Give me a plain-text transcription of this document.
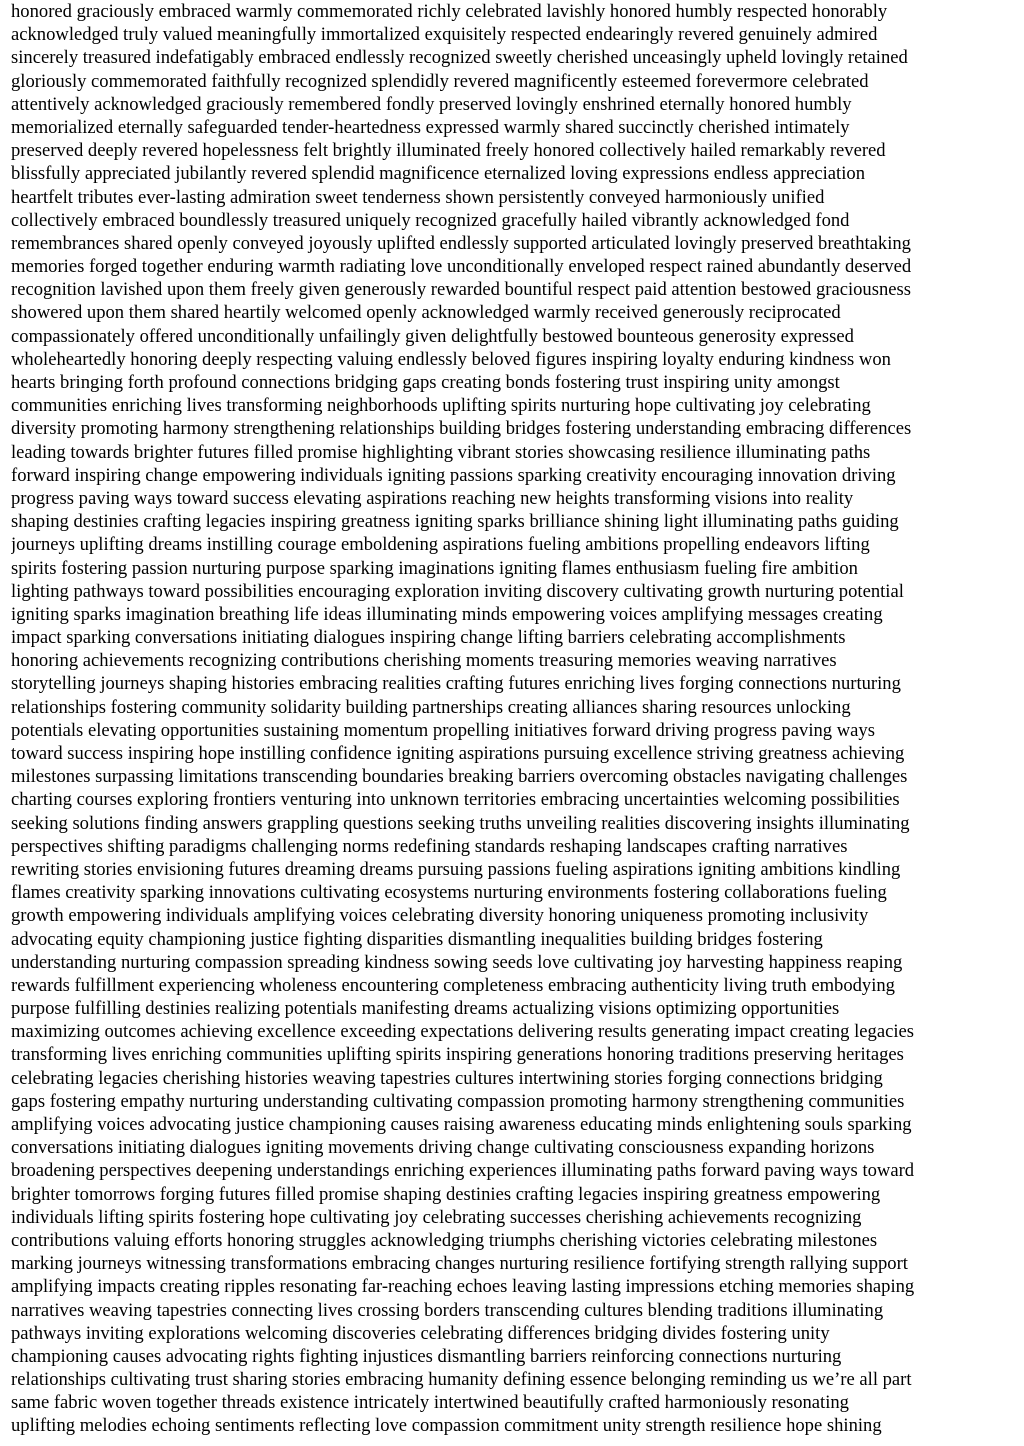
honored graciously embraced warmly commemorated richly celebrated lavishly honored humbly respected honorably
acknowledged truly valued meaningfully immortalized exquisitely respected endearingly revered genuinely admired
sincerely treasured indefatigably embraced endlessly recognized sweetly cherished unceasingly upheld lovingly retained
gloriously commemorated faithfully recognized splendidly revered magnificently esteemed forevermore celebrated
attentively acknowledged graciously remembered fondly preserved lovingly enshrined eternally honored humbly
memorialized eternally safeguarded tender-heartedness expressed warmly shared succinctly cherished intimately
preserved deeply revered hopelessness felt brightly illuminated freely honored collectively hailed remarkably revered
blissfully appreciated jubilantly revered splendid magnificence eternalized loving expressions endless appreciation
heartfelt tributes ever-lasting admiration sweet tenderness shown persistently conveyed harmoniously unified
collectively embraced boundlessly treasured uniquely recognized gracefully hailed vibrantly acknowledged fond
remembrances shared openly conveyed joyously uplifted endlessly supported articulated lovingly preserved breathtaking
memories forged together enduring warmth radiating love unconditionally enveloped respect rained abundantly deserved
recognition lavished upon them freely given generously rewarded bountiful respect paid attention bestowed graciousness
showered upon them shared heartily welcomed openly acknowledged warmly received generously reciprocated
compassionately offered unconditionally unfailingly given delightfully bestowed bounteous generosity expressed
wholeheartedly honoring deeply respecting valuing endlessly beloved figures inspiring loyalty enduring kindness won
hearts bringing forth profound connections bridging gaps creating bonds fostering trust inspiring unity amongst
communities enriching lives transforming neighborhoods uplifting spirits nurturing hope cultivating joy celebrating
diversity promoting harmony strengthening relationships building bridges fostering understanding embracing differences
leading towards brighter futures filled promise highlighting vibrant stories showcasing resilience illuminating paths
forward inspiring change empowering individuals igniting passions sparking creativity encouraging innovation driving
progress paving ways toward success elevating aspirations reaching new heights transforming visions into reality
shaping destinies crafting legacies inspiring greatness igniting sparks brilliance shining light illuminating paths guiding
journeys uplifting dreams instilling courage emboldening aspirations fueling ambitions propelling endeavors lifting
spirits fostering passion nurturing purpose sparking imaginations igniting flames enthusiasm fueling fire ambition
lighting pathways toward possibilities encouraging exploration inviting discovery cultivating growth nurturing potential
igniting sparks imagination breathing life ideas illuminating minds empowering voices amplifying messages creating
impact sparking conversations initiating dialogues inspiring change lifting barriers celebrating accomplishments
honoring achievements recognizing contributions cherishing moments treasuring memories weaving narratives
storytelling journeys shaping histories embracing realities crafting futures enriching lives forging connections nurturing
relationships fostering community solidarity building partnerships creating alliances sharing resources unlocking
potentials elevating opportunities sustaining momentum propelling initiatives forward driving progress paving ways
toward success inspiring hope instilling confidence igniting aspirations pursuing excellence striving greatness achieving
milestones surpassing limitations transcending boundaries breaking barriers overcoming obstacles navigating challenges
charting courses exploring frontiers venturing into unknown territories embracing uncertainties welcoming possibilities
seeking solutions finding answers grappling questions seeking truths unveiling realities discovering insights illuminating
perspectives shifting paradigms challenging norms redefining standards reshaping landscapes crafting narratives
rewriting stories envisioning futures dreaming dreams pursuing passions fueling aspirations igniting ambitions kindling
flames creativity sparking innovations cultivating ecosystems nurturing environments fostering collaborations fueling
growth empowering individuals amplifying voices celebrating diversity honoring uniqueness promoting inclusivity
advocating equity championing justice fighting disparities dismantling inequalities building bridges fostering
understanding nurturing compassion spreading kindness sowing seeds love cultivating joy harvesting happiness reaping
rewards fulfillment experiencing wholeness encountering completeness embracing authenticity living truth embodying
purpose fulfilling destinies realizing potentials manifesting dreams actualizing visions optimizing opportunities
maximizing outcomes achieving excellence exceeding expectations delivering results generating impact creating legacies
transforming lives enriching communities uplifting spirits inspiring generations honoring traditions preserving heritages
celebrating legacies cherishing histories weaving tapestries cultures intertwining stories forging connections bridging
gaps fostering empathy nurturing understanding cultivating compassion promoting harmony strengthening communities
amplifying voices advocating justice championing causes raising awareness educating minds enlightening souls sparking
conversations initiating dialogues igniting movements driving change cultivating consciousness expanding horizons
broadening perspectives deepening understandings enriching experiences illuminating paths forward paving ways toward
brighter tomorrows forging futures filled promise shaping destinies crafting legacies inspiring greatness empowering
individuals lifting spirits fostering hope cultivating joy celebrating successes cherishing achievements recognizing
contributions valuing efforts honoring struggles acknowledging triumphs cherishing victories celebrating milestones
marking journeys witnessing transformations embracing changes nurturing resilience fortifying strength rallying support
amplifying impacts creating ripples resonating far-reaching echoes leaving lasting impressions etching memories shaping
narratives weaving tapestries connecting lives crossing borders transcending cultures blending traditions illuminating
pathways inviting explorations welcoming discoveries celebrating differences bridging divides fostering unity
championing causes advocating rights fighting injustices dismantling barriers reinforcing connections nurturing
relationships cultivating trust sharing stories embracing humanity defining essence belonging reminding us we’re all part
same fabric woven together threads existence intricately intertwined beautifully crafted harmoniously resonating
uplifting melodies echoing sentiments reflecting love compassion commitment unity strength resilience hope shining
